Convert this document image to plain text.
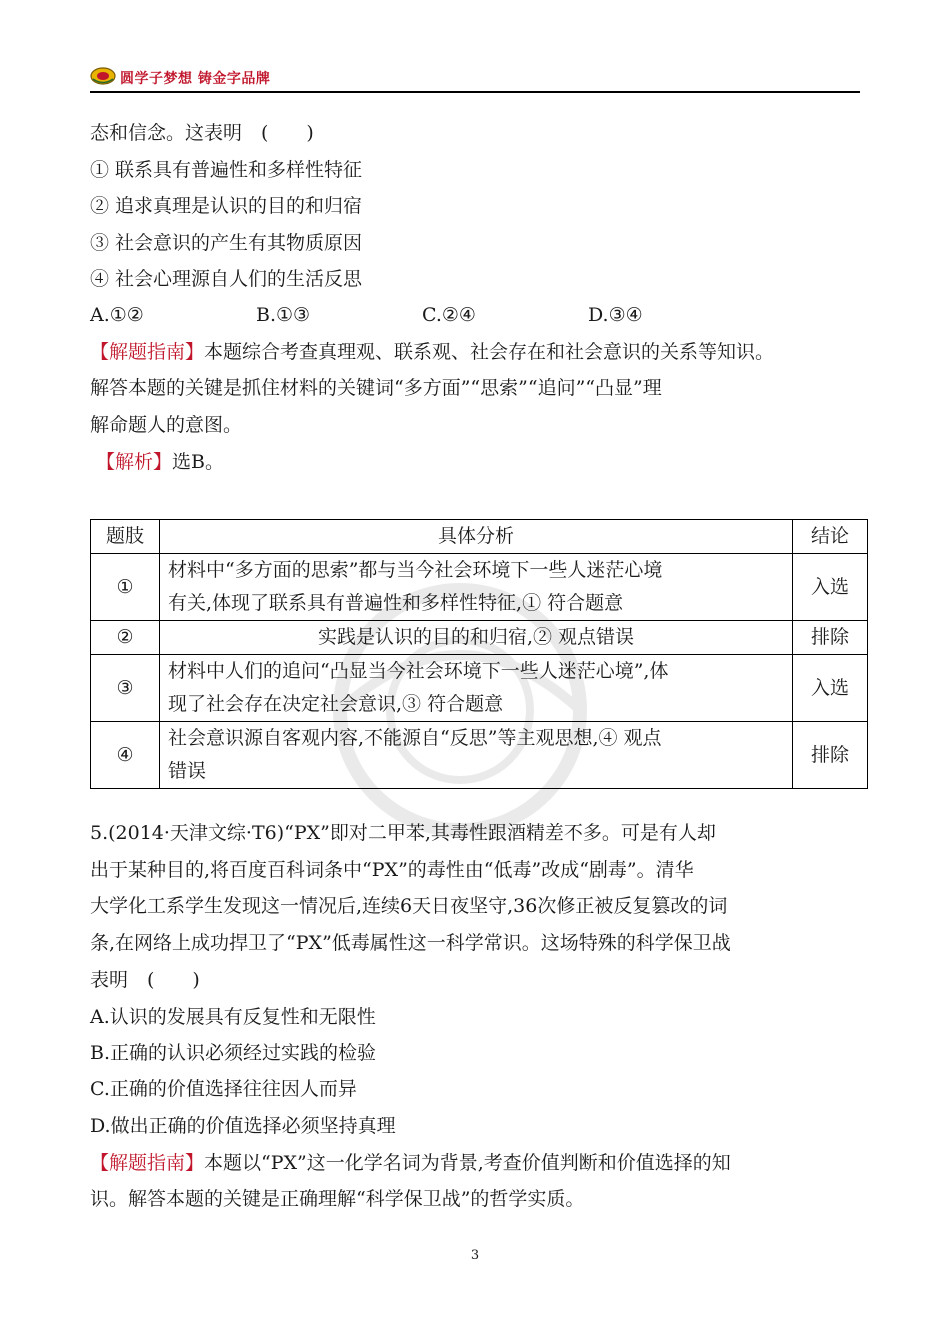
圆学子梦想 铸金字品牌
态和信念。这表明　(　　)
① 联系具有普遍性和多样性特征
② 追求真理是认识的目的和归宿
③ 社会意识的产生有其物质原因
④ 社会心理源自人们的生活反思
A.①②	B.①③	C.②④	D.③④
【解题指南】本题综合考查真理观、联系观、社会存在和社会意识的关系等知识。
解答本题的关键是抓住材料的关键词“多方面”“思索”“追问”“凸显”理
解命题人的意图。
【解析】选B。
题肢	具体分析	结论
①	材料中“多方面的思索”都与当今社会环境下一些人迷茫心境
有关,体现了联系具有普遍性和多样性特征,① 符合题意	入选
②	实践是认识的目的和归宿,② 观点错误	排除
③	材料中人们的追问“凸显当今社会环境下一些人迷茫心境”,体
现了社会存在决定社会意识,③ 符合题意	入选
④	社会意识源自客观内容,不能源自“反思”等主观思想,④ 观点
错误	排除
5.(2014·天津文综·T6)“PX”即对二甲苯,其毒性跟酒精差不多。可是有人却
出于某种目的,将百度百科词条中“PX”的毒性由“低毒”改成“剧毒”。清华
大学化工系学生发现这一情况后,连续6天日夜坚守,36次修正被反复篡改的词
条,在网络上成功捍卫了“PX”低毒属性这一科学常识。这场特殊的科学保卫战
表明　(　　)
A.认识的发展具有反复性和无限性
B.正确的认识必须经过实践的检验
C.正确的价值选择往往因人而异
D.做出正确的价值选择必须坚持真理
【解题指南】本题以“PX”这一化学名词为背景,考查价值判断和价值选择的知
识。解答本题的关键是正确理解“科学保卫战”的哲学实质。
3
